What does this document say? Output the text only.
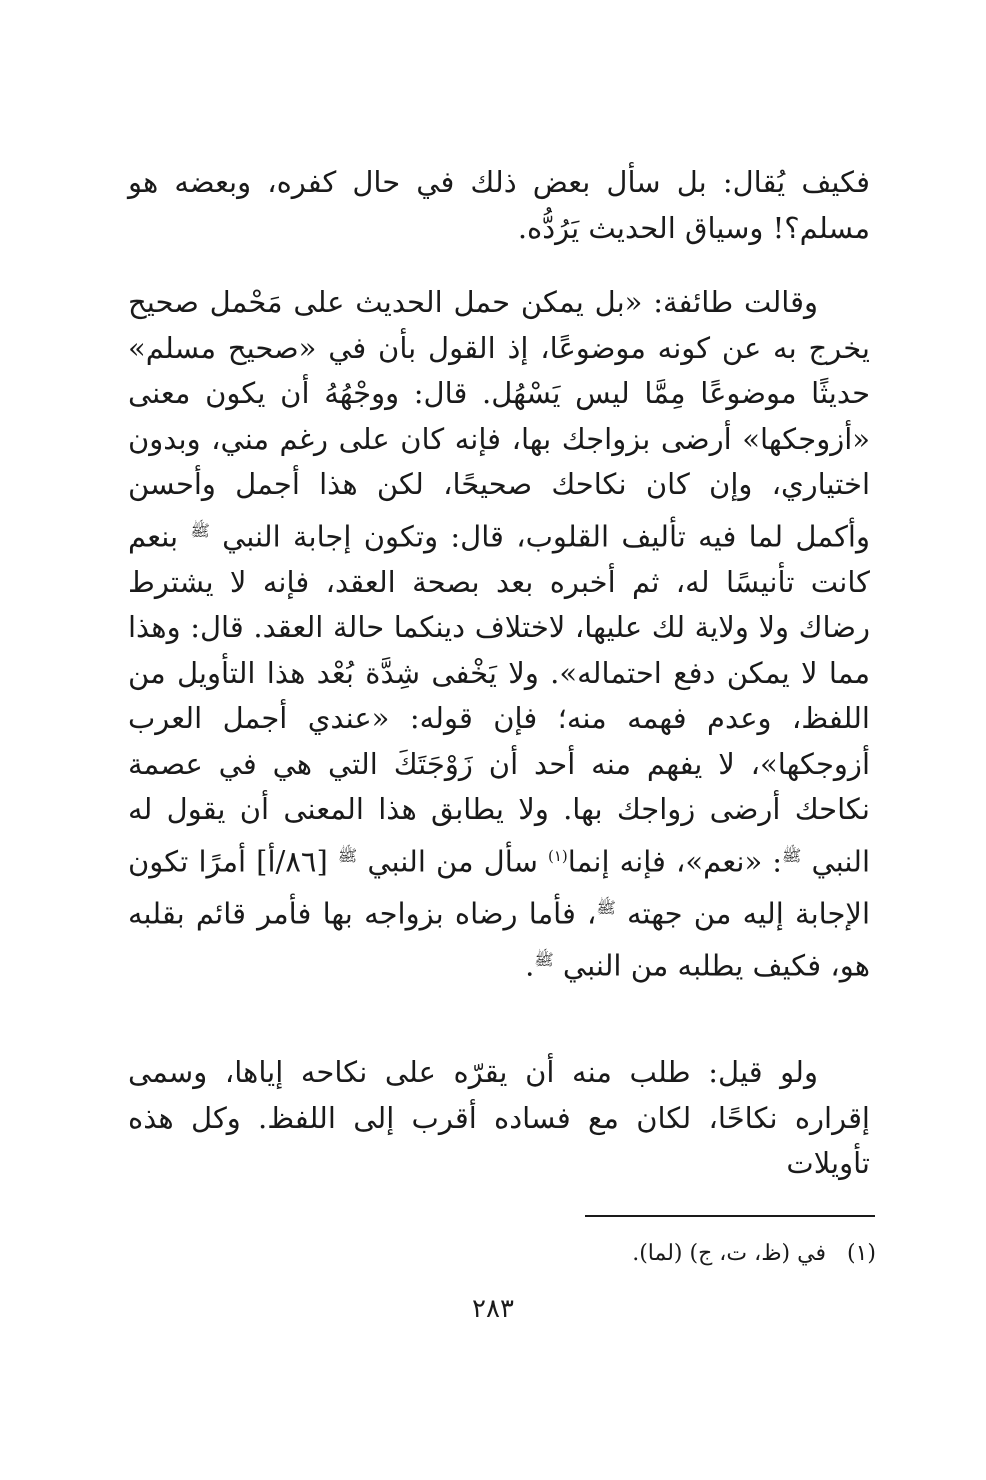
فكيف يُقال: بل سأل بعض ذلك في حال كفره، وبعضه هو مسلم؟! وسياق الحديث يَرُدُّه.

وقالت طائفة: «بل يمكن حمل الحديث على مَحْمل صحيح يخرج به عن كونه موضوعًا، إذ القول بأن في «صحيح مسلم» حديثًا موضوعًا مِمَّا ليس يَسْهُل. قال: ووجْهُهُ أن يكون معنى «أزوجكها» أرضى بزواجك بها، فإنه كان على رغم مني، وبدون اختياري، وإن كان نكاحك صحيحًا، لكن هذا أجمل وأحسن وأكمل لما فيه تأليف القلوب، قال: وتكون إجابة النبي $^ﷺ$ بنعم كانت تأنيسًا له، ثم أخبره بعد بصحة العقد، فإنه لا يشترط رضاك ولا ولاية لك عليها، لاختلاف دينكما حالة العقد. قال: وهذا مما لا يمكن دفع احتماله». ولا يَخْفى شِدَّة بُعْد هذا التأويل من اللفظ، وعدم فهمه منه؛ فإن قوله: «عندي أجمل العرب أزوجكها»، لا يفهم منه أحد أن زَوْجَتَكَ التي هي في عصمة نكاحك أرضى زواجك بها. ولا يطابق هذا المعنى أن يقول له النبي $^ﷺ$: «نعم»، فإنه إنما$^{(١)}$ سأل من النبي $^ﷺ$ [٨٦/أ] أمرًا تكون الإجابة إليه من جهته $^ﷺ$، فأما رضاه بزواجه بها فأمر قائم بقلبه هو، فكيف يطلبه من النبي $^ﷺ$.

ولو قيل: طلب منه أن يقرّه على نكاحه إياها، وسمى إقراره نكاحًا، لكان مع فساده أقرب إلى اللفظ. وكل هذه تأويلات

(١) في (ظ، ت، ج) (لما).
٢٨٣
